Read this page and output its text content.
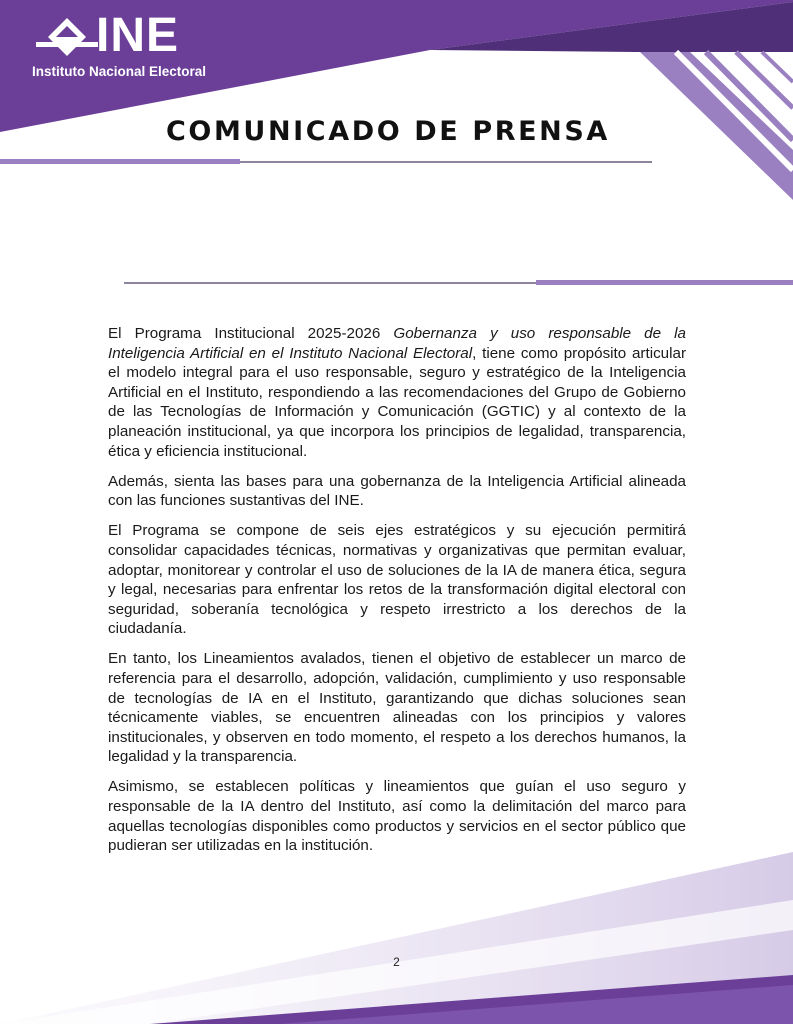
INE
Instituto Nacional Electoral
COMUNICADO DE PRENSA

El Programa Institucional 2025-2026 Gobernanza y uso responsable de la Inteligencia Artificial en el Instituto Nacional Electoral, tiene como propósito articular el modelo integral para el uso responsable, seguro y estratégico de la Inteligencia Artificial en el Instituto, respondiendo a las recomendaciones del Grupo de Gobierno de las Tecnologías de Información y Comunicación (GGTIC) y al contexto de la planeación institucional, ya que incorpora los principios de legalidad, transparencia, ética y eficiencia institucional.

Además, sienta las bases para una gobernanza de la Inteligencia Artificial alineada con las funciones sustantivas del INE.

El Programa se compone de seis ejes estratégicos y su ejecución permitirá consolidar capacidades técnicas, normativas y organizativas que permitan evaluar, adoptar, monitorear y controlar el uso de soluciones de la IA de manera ética, segura y legal, necesarias para enfrentar los retos de la transformación digital electoral con seguridad, soberanía tecnológica y respeto irrestricto a los derechos de la ciudadanía.

En tanto, los Lineamientos avalados, tienen el objetivo de establecer un marco de referencia para el desarrollo, adopción, validación, cumplimiento y uso responsable de tecnologías de IA en el Instituto, garantizando que dichas soluciones sean técnicamente viables, se encuentren alineadas con los principios y valores institucionales, y observen en todo momento, el respeto a los derechos humanos, la legalidad y la transparencia.

Asimismo, se establecen políticas y lineamientos que guían el uso seguro y responsable de la IA dentro del Instituto, así como la delimitación del marco para aquellas tecnologías disponibles como productos y servicios en el sector público que pudieran ser utilizadas en la institución.

2
